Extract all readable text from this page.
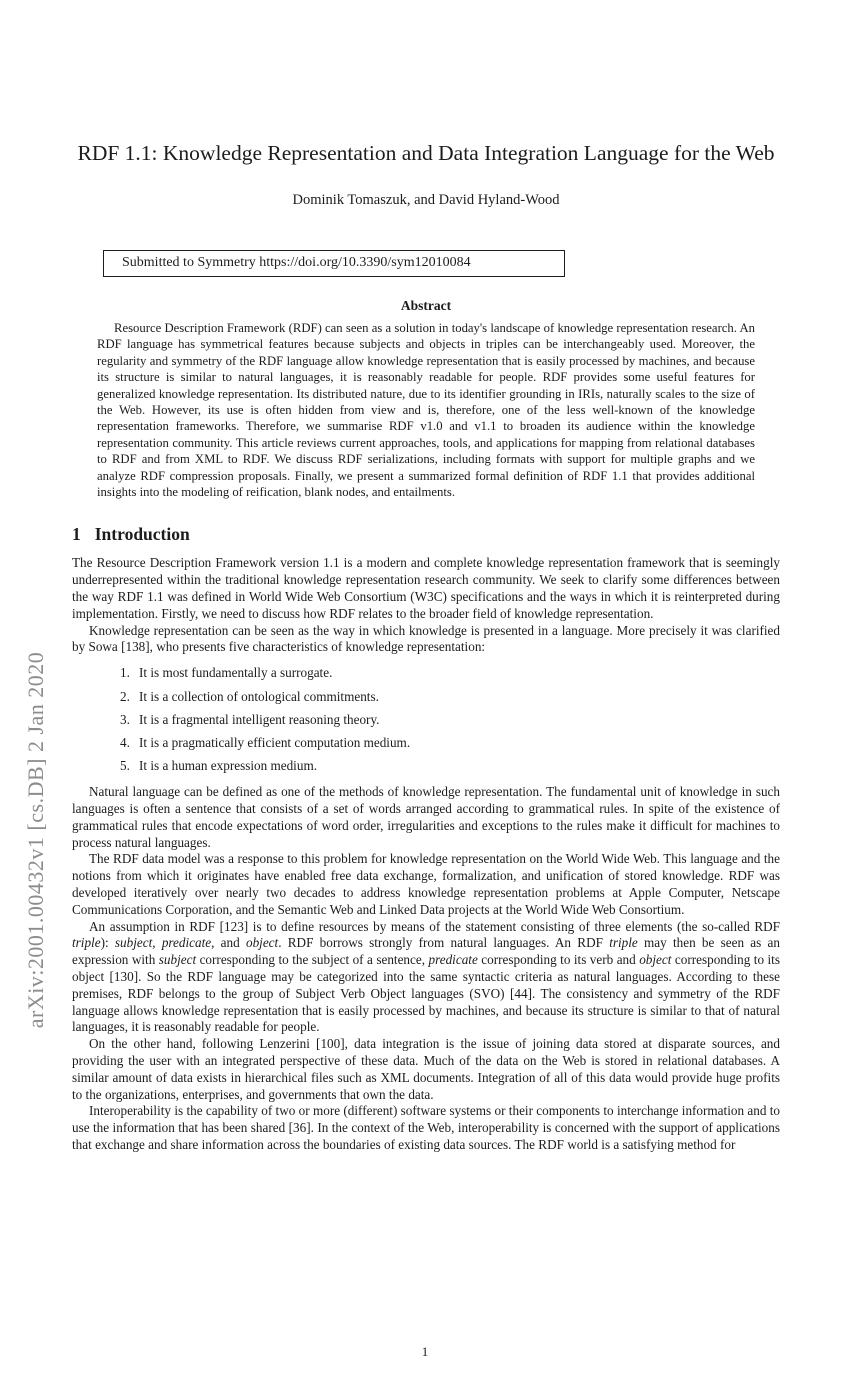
arXiv:2001.00432v1 [cs.DB] 2 Jan 2020
RDF 1.1: Knowledge Representation and Data Integration Language for the Web
Dominik Tomaszuk, and David Hyland-Wood
Submitted to Symmetry https://doi.org/10.3390/sym12010084
Abstract

Resource Description Framework (RDF) can seen as a solution in today's landscape of knowledge representation research. An RDF language has symmetrical features because subjects and objects in triples can be interchangeably used. Moreover, the regularity and symmetry of the RDF language allow knowledge representation that is easily processed by machines, and because its structure is similar to natural languages, it is reasonably readable for people. RDF provides some useful features for generalized knowledge representation. Its distributed nature, due to its identifier grounding in IRIs, naturally scales to the size of the Web. However, its use is often hidden from view and is, therefore, one of the less well-known of the knowledge representation frameworks. Therefore, we summarise RDF v1.0 and v1.1 to broaden its audience within the knowledge representation community. This article reviews current approaches, tools, and applications for mapping from relational databases to RDF and from XML to RDF. We discuss RDF serializations, including formats with support for multiple graphs and we analyze RDF compression proposals. Finally, we present a summarized formal definition of RDF 1.1 that provides additional insights into the modeling of reification, blank nodes, and entailments.

1 Introduction

The Resource Description Framework version 1.1 is a modern and complete knowledge representation framework that is seemingly underrepresented within the traditional knowledge representation research community. We seek to clarify some differences between the way RDF 1.1 was defined in World Wide Web Consortium (W3C) specifications and the ways in which it is reinterpreted during implementation. Firstly, we need to discuss how RDF relates to the broader field of knowledge representation.

Knowledge representation can be seen as the way in which knowledge is presented in a language. More precisely it was clarified by Sowa [138], who presents five characteristics of knowledge representation:

1. It is most fundamentally a surrogate.
2. It is a collection of ontological commitments.
3. It is a fragmental intelligent reasoning theory.
4. It is a pragmatically efficient computation medium.
5. It is a human expression medium.

Natural language can be defined as one of the methods of knowledge representation. The fundamental unit of knowledge in such languages is often a sentence that consists of a set of words arranged according to grammatical rules. In spite of the existence of grammatical rules that encode expectations of word order, irregularities and exceptions to the rules make it difficult for machines to process natural languages.

The RDF data model was a response to this problem for knowledge representation on the World Wide Web. This language and the notions from which it originates have enabled free data exchange, formalization, and unification of stored knowledge. RDF was developed iteratively over nearly two decades to address knowledge representation problems at Apple Computer, Netscape Communications Corporation, and the Semantic Web and Linked Data projects at the World Wide Web Consortium.

An assumption in RDF [123] is to define resources by means of the statement consisting of three elements (the so-called RDF triple): subject, predicate, and object. RDF borrows strongly from natural languages. An RDF triple may then be seen as an expression with subject corresponding to the subject of a sentence, predicate corresponding to its verb and object corresponding to its object [130]. So the RDF language may be categorized into the same syntactic criteria as natural languages. According to these premises, RDF belongs to the group of Subject Verb Object languages (SVO) [44]. The consistency and symmetry of the RDF language allows knowledge representation that is easily processed by machines, and because its structure is similar to that of natural languages, it is reasonably readable for people.

On the other hand, following Lenzerini [100], data integration is the issue of joining data stored at disparate sources, and providing the user with an integrated perspective of these data. Much of the data on the Web is stored in relational databases. A similar amount of data exists in hierarchical files such as XML documents. Integration of all of this data would provide huge profits to the organizations, enterprises, and governments that own the data.

Interoperability is the capability of two or more (different) software systems or their components to interchange information and to use the information that has been shared [36]. In the context of the Web, interoperability is concerned with the support of applications that exchange and share information across the boundaries of existing data sources. The RDF world is a satisfying method for

1
